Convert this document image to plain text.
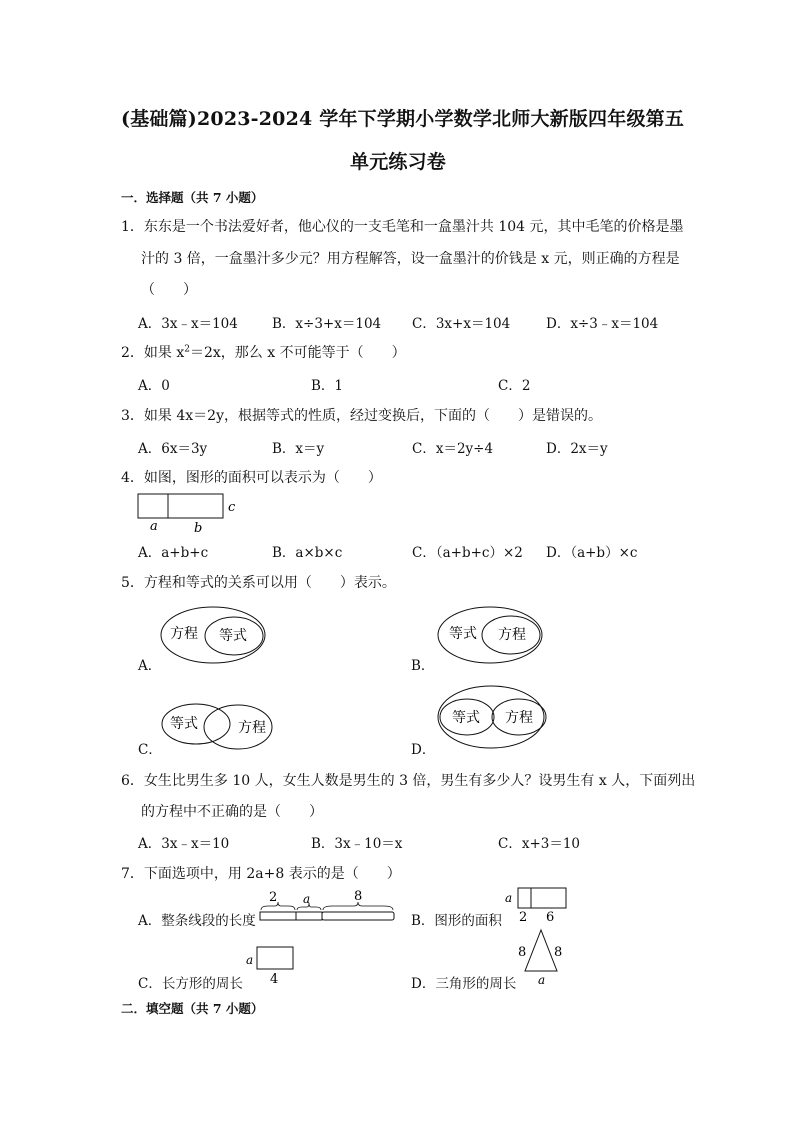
(基础篇)2023-2024 学年下学期小学数学北师大新版四年级第五
单元练习卷
一．选择题（共 7 小题）
1．东东是一个书法爱好者，他心仪的一支毛笔和一盒墨汁共 104 元，其中毛笔的价格是墨
汁的 3 倍，一盒墨汁多少元？用方程解答，设一盒墨汁的价钱是 x 元，则正确的方程是
（　　）
A．3x﹣x＝104	B．x÷3+x＝104 C．3x+x＝104	D．x÷3﹣x＝104
2．如果 $x^2=2x$，那么 x 不可能等于（　　）
A．0	B．1	C．2
3．如果 4x＝2y，根据等式的性质，经过变换后，下面的（　　）是错误的。
A．6x＝3y	B．x＝y	C．x＝2y÷4	D．2x＝y
4．如图，图形的面积可以表示为（　　）
a	b
c
A．a+b+c	B．a×b×c	C．（a+b+c）×2 D．（a+b）×c
5．方程和等式的关系可以用（　　）表示。
方程 等式
A．
等式 方程
B．
等式	方程
C．
等式 方程
D．
6．女生比男生多 10 人，女生人数是男生的 3 倍，男生有多少人？设男生有 x 人，下面列出
的方程中不正确的是（　　）
A．3x﹣x＝10	B．3x﹣10＝x	C．x+3＝10
7．下面选项中，用 2a+8 表示的是（　　）
A．整条线段的长度
2 a	8
B．图形的面积
a
2 6
C．长方形的周长
a
4	D．三角形的周长
8 8
a
二．填空题（共 7 小题）
